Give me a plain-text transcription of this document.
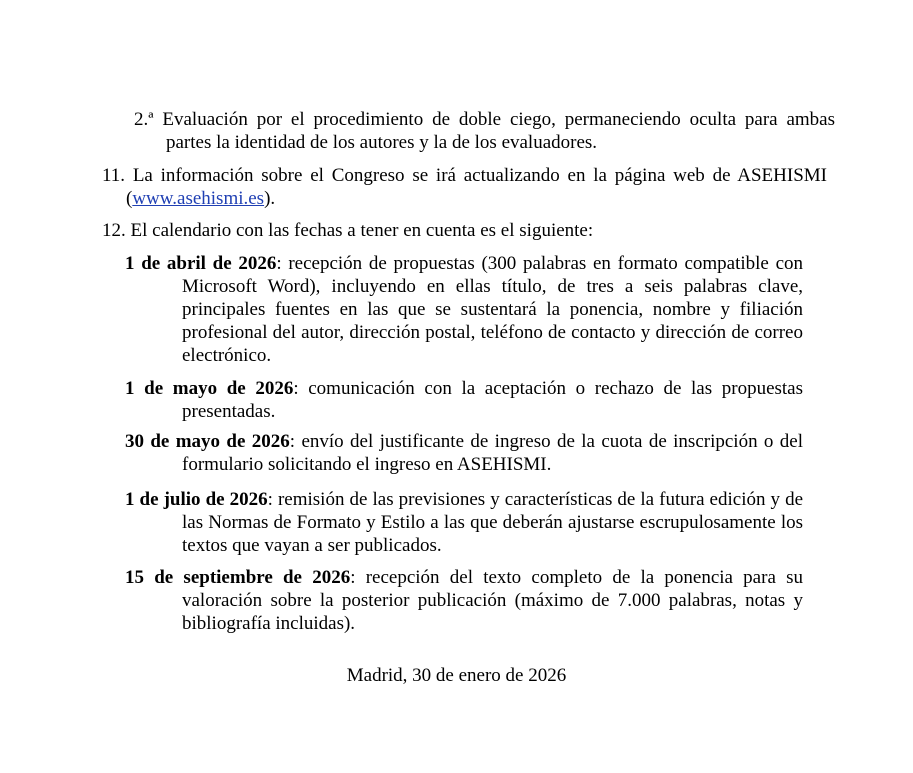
2.ª Evaluación por el procedimiento de doble ciego, permaneciendo oculta para ambas partes la identidad de los autores y la de los evaluadores.
11. La información sobre el Congreso se irá actualizando en la página web de ASEHISMI (www.asehismi.es).
12. El calendario con las fechas a tener en cuenta es el siguiente:
1 de abril de 2026: recepción de propuestas (300 palabras en formato compatible con Microsoft Word), incluyendo en ellas título, de tres a seis palabras clave, principales fuentes en las que se sustentará la ponencia, nombre y filiación profesional del autor, dirección postal, teléfono de contacto y dirección de correo electrónico.
1 de mayo de 2026: comunicación con la aceptación o rechazo de las propuestas presentadas.
30 de mayo de 2026: envío del justificante de ingreso de la cuota de inscripción o del formulario solicitando el ingreso en ASEHISMI.
1 de julio de 2026: remisión de las previsiones y características de la futura edición y de las Normas de Formato y Estilo a las que deberán ajustarse escrupulosamente los textos que vayan a ser publicados.
15 de septiembre de 2026: recepción del texto completo de la ponencia para su valoración sobre la posterior publicación (máximo de 7.000 palabras, notas y bibliografía incluidas).
Madrid, 30 de enero de 2026
